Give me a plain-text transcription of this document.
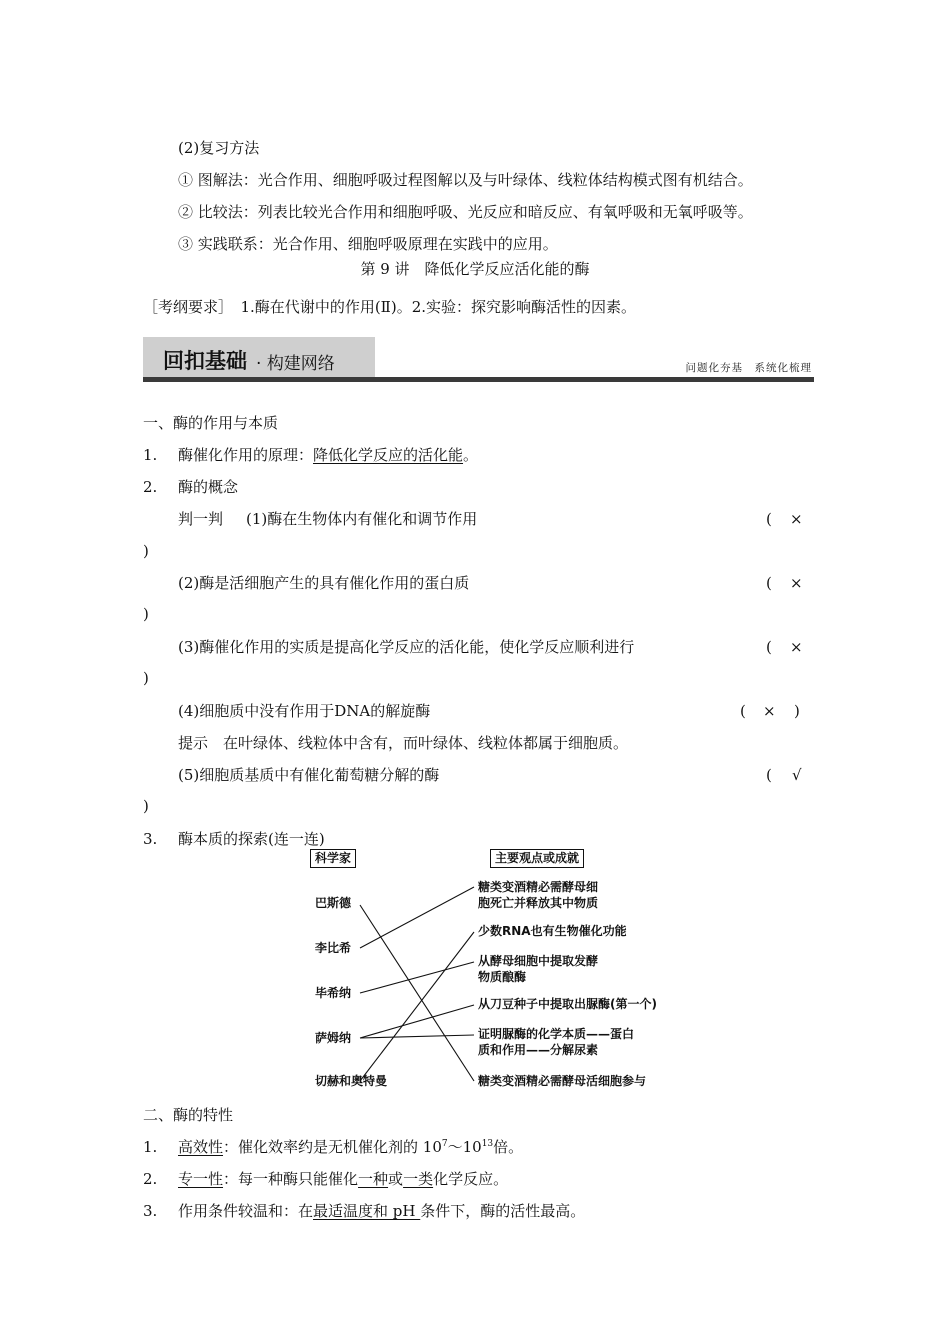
(2)复习方法
① 图解法：光合作用、细胞呼吸过程图解以及与叶绿体、线粒体结构模式图有机结合。
② 比较法：列表比较光合作用和细胞呼吸、光反应和暗反应、有氧呼吸和无氧呼吸等。
③ 实践联系：光合作用、细胞呼吸原理在实践中的应用。
第 9 讲　降低化学反应活化能的酶
［考纲要求］　1.酶在代谢中的作用(Ⅱ)。2.实验：探究影响酶活性的因素。
回扣基础 · 构建网络	问题化夯基　系统化梳理
一、酶的作用与本质
1. 酶催化作用的原理：降低化学反应的活化能。
2. 酶的概念
判一判 (1)酶在生物体内有催化和调节作用	( ×
)
(2)酶是活细胞产生的具有催化作用的蛋白质	( ×
)
(3)酶催化作用的实质是提高化学反应的活化能，使化学反应顺利进行	( ×
)
(4)细胞质中没有作用于DNA的解旋酶	( × )
提示　在叶绿体、线粒体中含有，而叶绿体、线粒体都属于细胞质。
(5)细胞质基质中有催化葡萄糖分解的酶	( √
)
3. 酶本质的探索(连一连)
科学家	主要观点或成就
巴斯德
李比希
毕希纳
萨姆纳
切赫和奥特曼
糖类变酒精必需酵母细
胞死亡并释放其中物质
少数RNA也有生物催化功能
从酵母细胞中提取发酵
物质酿酶
从刀豆种子中提取出脲酶(第一个)
证明脲酶的化学本质——蛋白
质和作用——分解尿素
糖类变酒精必需酵母活细胞参与
二、酶的特性
1. 高效性：催化效率约是无机催化剂的 $10^7\sim 10^{13}$倍。
2. 专一性：每一种酶只能催化一种或一类化学反应。
3. 作用条件较温和：在最适温度和 pH 条件下，酶的活性最高。
